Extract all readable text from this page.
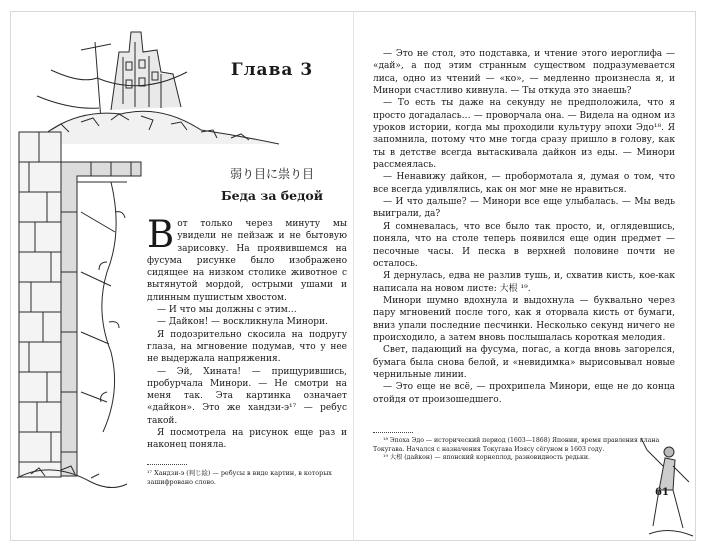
Глава 3
弱り目に祟り目
Беда за бедой

Вот только через минуту мы увидели не пейзаж и не бытовую зарисовку. На проявившемся на фусума рисунке было изображено сидящее на низком столике животное с вытянутой мордой, острыми ушами и длинным пушистым хвостом.

— И что мы должны с этим…

— Дайкон! — воскликнула Минори.

Я подозрительно скосила на подругу глаза, на мгновение подумав, что у нее не выдержала напряжения.

— Эй, Хината! — прищурившись, пробурчала Минори. — Не смотри на меня так. Эта картинка означает «дайкон». Это же хандзи-э¹⁷ — ребус такой.

Я посмотрела на рисунок еще раз и наконец поняла.

¹⁷ Хандзи-э (判じ絵) — ребусы в виде картин, в которых зашифровано слово.

— Это не стол, это подставка, и чтение этого иероглифа — «дай», а под этим странным существом подразумевается лиса, одно из чтений — «ко», — медленно произнесла я, и Минори счастливо кивнула. — Ты откуда это знаешь?

— То есть ты даже на секунду не предположила, что я просто догадалась… — проворчала она. — Видела на одном из уроков истории, когда мы проходили культуру эпохи Эдо¹⁸. Я запомнила, потому что мне тогда сразу пришло в голову, как ты в детстве всегда вытаскивала дайкон из еды. — Минори рассмеялась.

— Ненавижу дайкон, — пробормотала я, думая о том, что все всегда удивлялись, как он мог мне не нравиться.

— И что дальше? — Минори все еще улыбалась. — Мы ведь выиграли, да?

Я сомневалась, что все было так просто, и, оглядевшись, поняла, что на столе теперь появился еще один предмет — песочные часы. И песка в верхней половине почти не осталось.

Я дернулась, едва не разлив тушь, и, схватив кисть, кое-как написала на новом листе: 大根 ¹⁹.

Минори шумно вдохнула и выдохнула — буквально через пару мгновений после того, как я оторвала кисть от бумаги, вниз упали последние песчинки. Несколько секунд ничего не происходило, а затем вновь послышалась короткая мелодия.

Свет, падающий на фусума, погас, а когда вновь загорелся, бумага была снова белой, и «невидимка» вырисовывал новые чернильные линии.

— Это еще не всё, — прохрипела Минори, еще не до конца отойдя от произошедшего.

¹⁸ Эпоха Эдо — исторический период (1603—1868) Японии, время правления клана Токугава. Начался с назначения Токугава Иэясу сёгуном в 1603 году.

¹⁹ 大根 (дайкон) — японский корнеплод, разновидность редьки.

61
